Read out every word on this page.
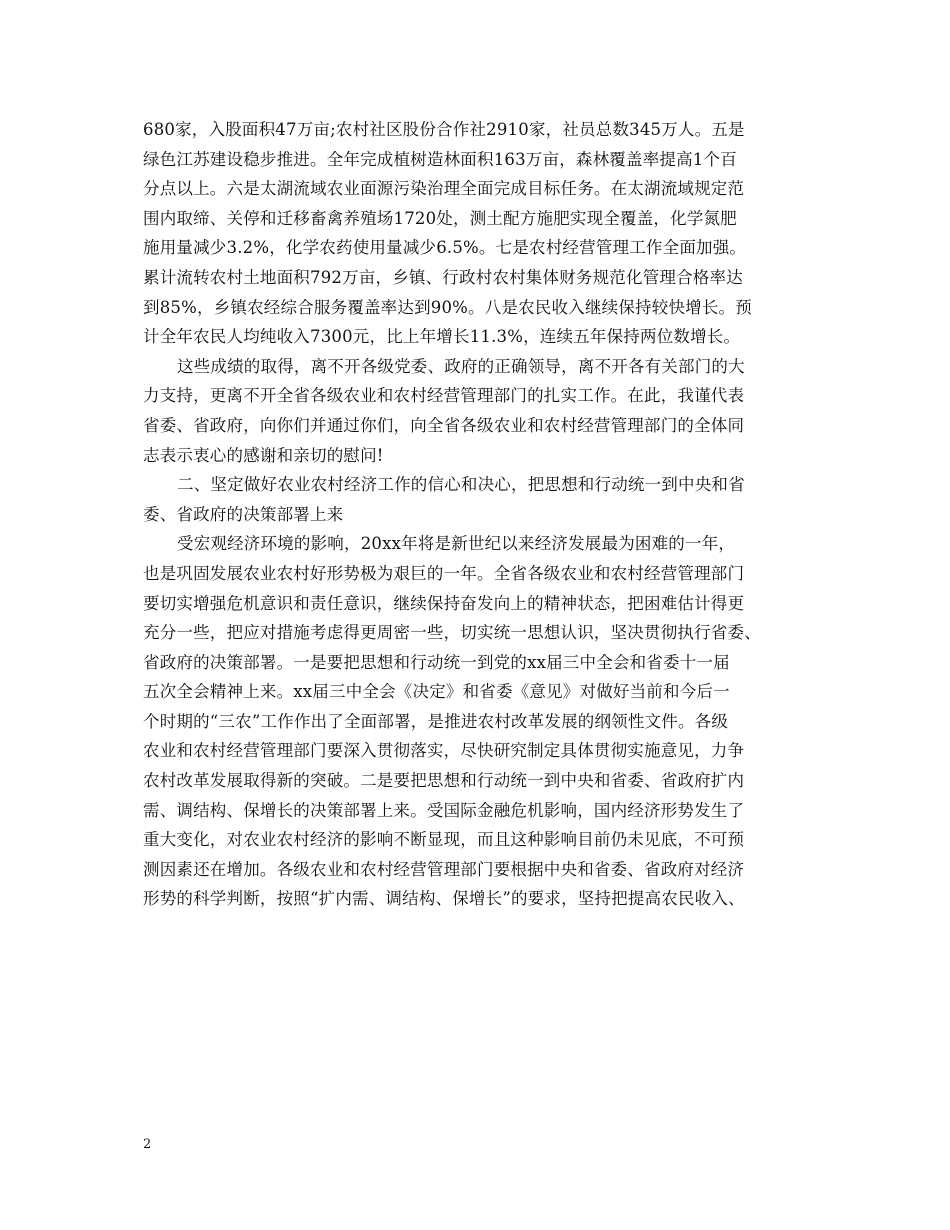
680家，入股面积47万亩;农村社区股份合作社2910家，社员总数345万人。五是
绿色江苏建设稳步推进。全年完成植树造林面积163万亩，森林覆盖率提高1个百
分点以上。六是太湖流域农业面源污染治理全面完成目标任务。在太湖流域规定范
围内取缔、关停和迁移畜禽养殖场1720处，测土配方施肥实现全覆盖，化学氮肥
施用量减少3.2%，化学农药使用量减少6.5%。七是农村经营管理工作全面加强。
累计流转农村土地面积792万亩，乡镇、行政村农村集体财务规范化管理合格率达
到85%，乡镇农经综合服务覆盖率达到90%。八是农民收入继续保持较快增长。预
计全年农民人均纯收入7300元，比上年增长11.3%，连续五年保持两位数增长。
这些成绩的取得，离不开各级党委、政府的正确领导，离不开各有关部门的大
力支持，更离不开全省各级农业和农村经营管理部门的扎实工作。在此，我谨代表
省委、省政府，向你们并通过你们，向全省各级农业和农村经营管理部门的全体同
志表示衷心的感谢和亲切的慰问!
二、坚定做好农业农村经济工作的信心和决心，把思想和行动统一到中央和省
委、省政府的决策部署上来
受宏观经济环境的影响，20xx年将是新世纪以来经济发展最为困难的一年，
也是巩固发展农业农村好形势极为艰巨的一年。全省各级农业和农村经营管理部门
要切实增强危机意识和责任意识，继续保持奋发向上的精神状态，把困难估计得更
充分一些，把应对措施考虑得更周密一些，切实统一思想认识，坚决贯彻执行省委、
省政府的决策部署。一是要把思想和行动统一到党的xx届三中全会和省委十一届
五次全会精神上来。xx届三中全会《决定》和省委《意见》对做好当前和今后一
个时期的“三农”工作作出了全面部署，是推进农村改革发展的纲领性文件。各级
农业和农村经营管理部门要深入贯彻落实，尽快研究制定具体贯彻实施意见，力争
农村改革发展取得新的突破。二是要把思想和行动统一到中央和省委、省政府扩内
需、调结构、保增长的决策部署上来。受国际金融危机影响，国内经济形势发生了
重大变化，对农业农村经济的影响不断显现，而且这种影响目前仍未见底，不可预
测因素还在增加。各级农业和农村经营管理部门要根据中央和省委、省政府对经济
形势的科学判断，按照“扩内需、调结构、保增长”的要求，坚持把提高农民收入、
2
